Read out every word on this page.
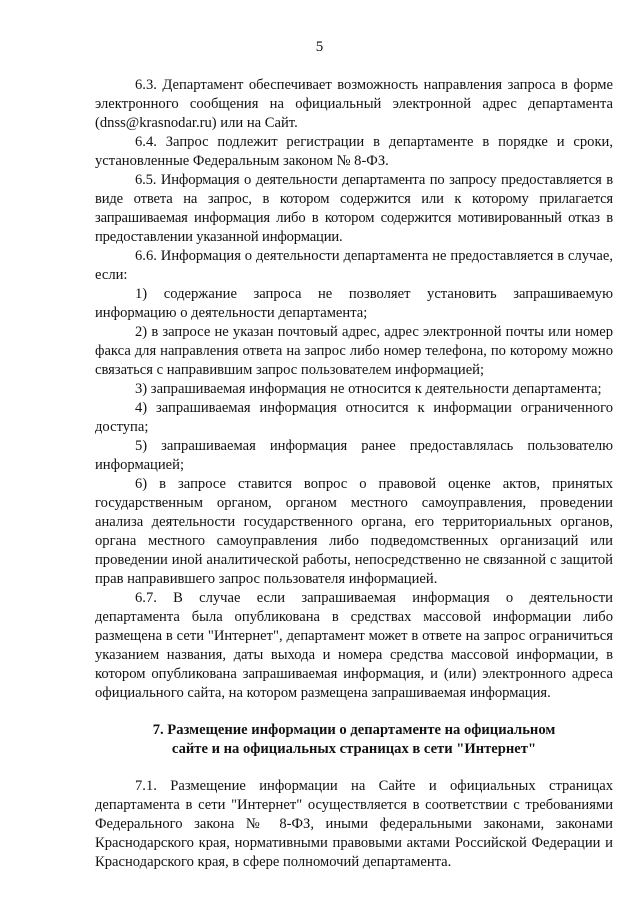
5

6.3. Департамент обеспечивает возможность направления запроса в форме электронного сообщения на официальный электронной адрес департамента (dnss@krasnodar.ru) или на Сайт.

6.4. Запрос подлежит регистрации в департаменте в порядке и сроки, установленные Федеральным законом № 8-ФЗ.

6.5. Информация о деятельности департамента по запросу предоставляется в виде ответа на запрос, в котором содержится или к которому прилагается запрашиваемая информация либо в котором содержится мотивированный отказ в предоставлении указанной информации.

6.6. Информация о деятельности департамента не предоставляется в случае, если:

1) содержание запроса не позволяет установить запрашиваемую информацию о деятельности департамента;

2) в запросе не указан почтовый адрес, адрес электронной почты или номер факса для направления ответа на запрос либо номер телефона, по которому можно связаться с направившим запрос пользователем информацией;

3) запрашиваемая информация не относится к деятельности департамента;

4) запрашиваемая информация относится к информации ограниченного доступа;

5) запрашиваемая информация ранее предоставлялась пользователю информацией;

6) в запросе ставится вопрос о правовой оценке актов, принятых государственным органом, органом местного самоуправления, проведении анализа деятельности государственного органа, его территориальных органов, органа местного самоуправления либо подведомственных организаций или проведении иной аналитической работы, непосредственно не связанной с защитой прав направившего запрос пользователя информацией.

6.7. В случае если запрашиваемая информация о деятельности департамента была опубликована в средствах массовой информации либо размещена в сети "Интернет", департамент может в ответе на запрос ограничиться указанием названия, даты выхода и номера средства массовой информации, в котором опубликована запрашиваемая информация, и (или) электронного адреса официального сайта, на котором размещена запрашиваемая информация.

7. Размещение информации о департаменте на официальном
сайте и на официальных страницах в сети "Интернет"

7.1. Размещение информации на Сайте и официальных страницах департамента в сети "Интернет" осуществляется в соответствии с требованиями Федерального закона № 8-ФЗ, иными федеральными законами, законами Краснодарского края, нормативными правовыми актами Российской Федерации и Краснодарского края, в сфере полномочий департамента.
